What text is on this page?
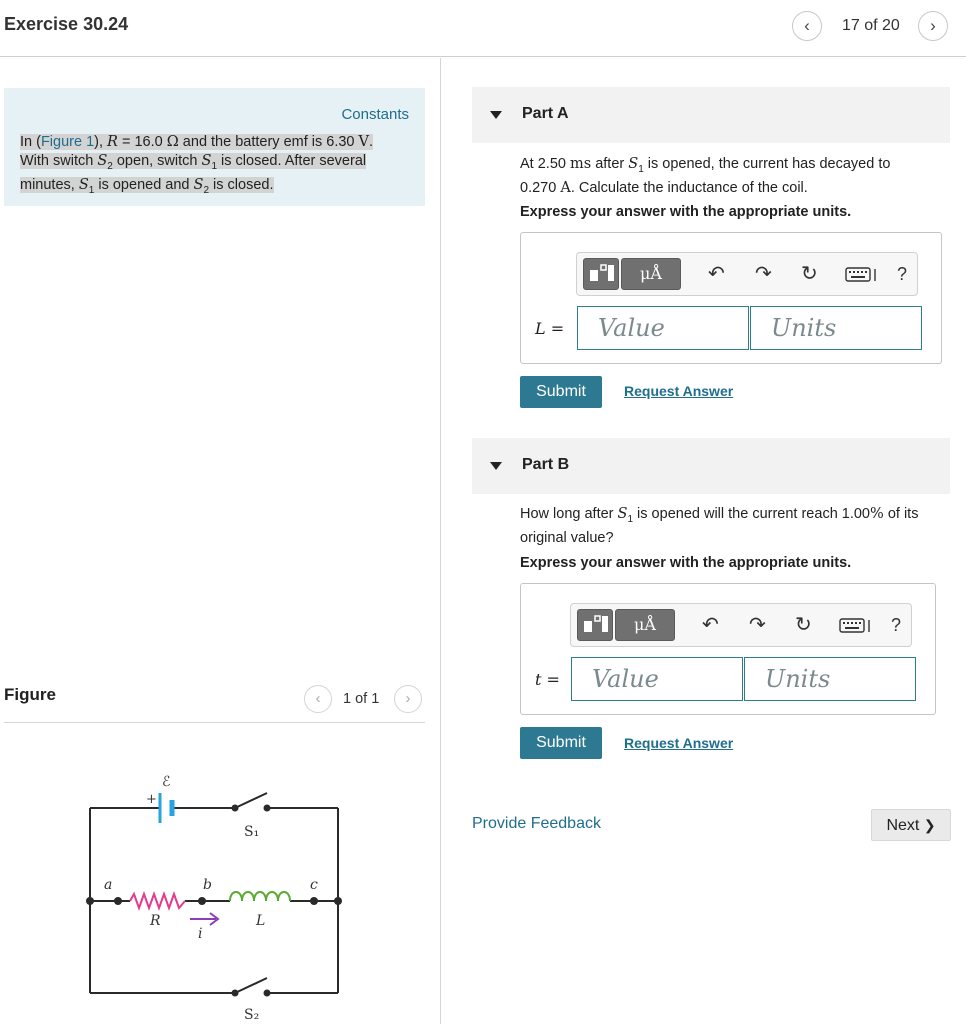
Exercise 30.24	‹	17 of 20	›
Constants
In (Figure 1), R = 16.0 Ω and the battery emf is 6.30 V.
With switch $S_2$ open, switch $S_1$ is closed. After several
minutes, $S_1$ is opened and $S_2$ is closed.
Figure	‹	1 of 1	›
ℰ
+
S₁
S₂
a	b	c
R	L
i
Part A
At 2.50 ms after $S_1$ is opened, the current has decayed to
0.270 A. Calculate the inductance of the coil.
Express your answer with the appropriate units.
μÅ	↶ ↷ ↻	?
L =	Value	Units
Submit	Request Answer
Part B
How long after $S_1$ is opened will the current reach 1.00% of its
original value?
Express your answer with the appropriate units.
μÅ	↶ ↷ ↻	?
t =	Value	Units
Submit	Request Answer
Provide Feedback	Next ❯
